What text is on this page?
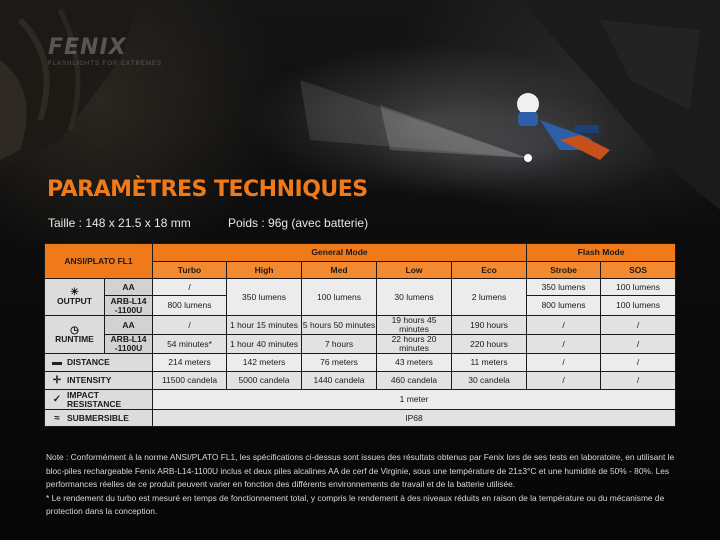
FENIX
FLASHLIGHTS FOR EXTREMES
PARAMÈTRES TECHNIQUES
Taille : 148 x 21.5 x 18 mm	Poids : 96g (avec batterie)
ANSI/PLATO FL1		General Mode					Flash Mode	
		Turbo	High	Med	Low	Eco	Strobe	SOS

☀
OUTPUT	AA	/	350 lumens	100 lumens	30 lumens	2 lumens	350 lumens	100 lumens
	ARB-L14 -1100U	800 lumens					800 lumens	100 lumens

◷
RUNTIME	AA	/	1 hour 15 minutes	5 hours 50 minutes	19 hours 45 minutes	190 hours	/	/
	ARB-L14 -1100U	54 minutes*	1 hour 40 minutes	7 hours	22 hours 20 minutes	220 hours	/	/

▬ DISTANCE		214 meters	142 meters	76 meters	43 meters	11 meters	/	/

✛ INTENSITY		11500 candela	5000 candela	1440 candela	460 candela	30 candela	/	/

✓ IMPACT RESISTANCE		1 meter						

≈ SUBMERSIBLE		IP68						

Note : Conformément à la norme ANSI/PLATO FL1, les spécifications ci-dessus sont issues des résultats obtenus par Fenix lors de ses tests en laboratoire, en utilisant le bloc-piles rechargeable Fenix ARB-L14-1100U inclus et deux piles alcalines AA de cerf de Virginie, sous une température de 21±3°C et une humidité de 50% - 80%. Les performances réelles de ce produit peuvent varier en fonction des différents environnements de travail et de la batterie utilisée.

* Le rendement du turbo est mesuré en temps de fonctionnement total, y compris le rendement à des niveaux réduits en raison de la température ou du mécanisme de protection dans la conception.
